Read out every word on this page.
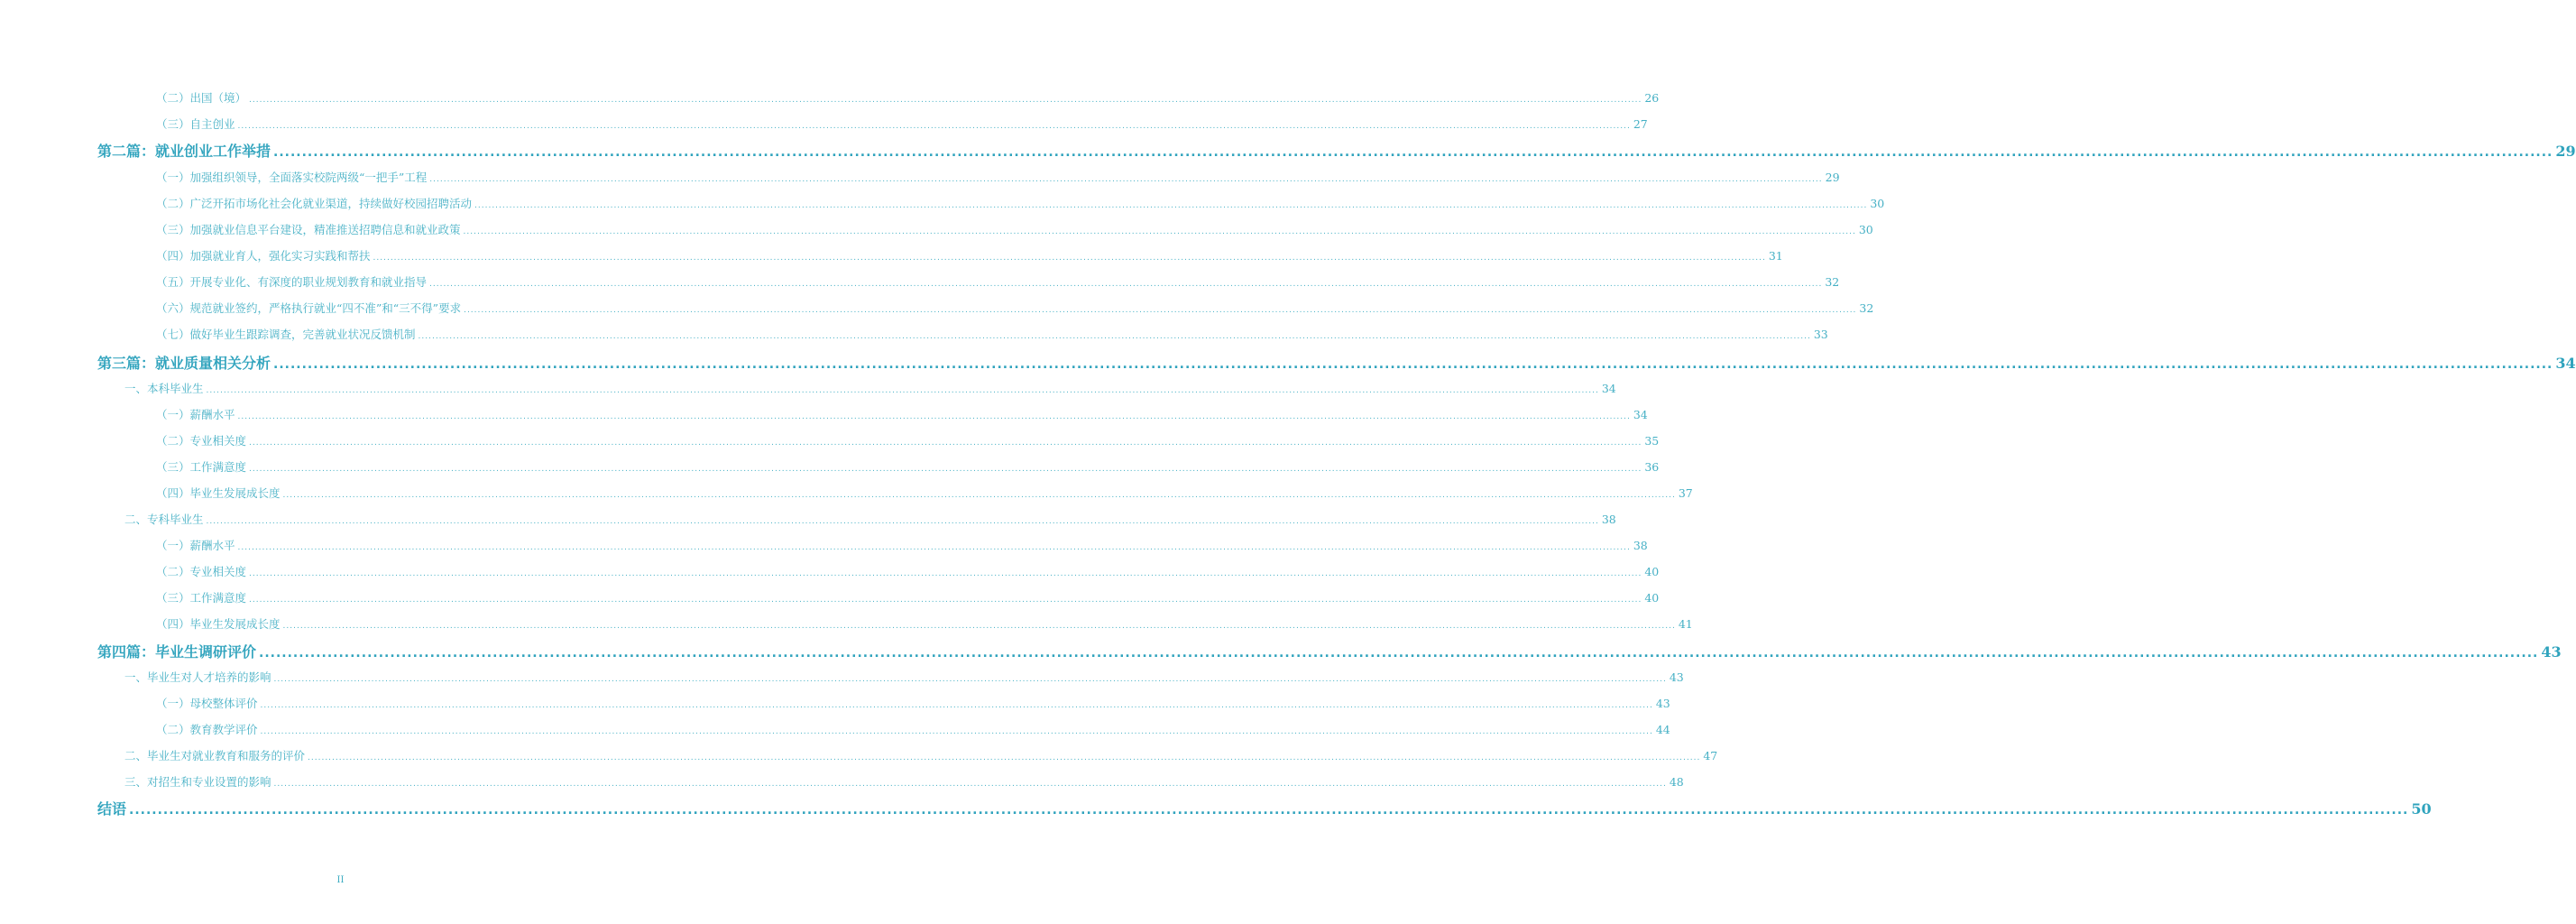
（二）出国（境） ................................................................................................................................................................................................................................................................................................................................................................................................................ 26
（三）自主创业 ................................................................................................................................................................................................................................................................................................................................................................................................................ 27
第二篇：就业创业工作举措 ................................................................................................................................................................................................................................................................................................................................................................................................................ 29
（一）加强组织领导，全面落实校院两级“一把手”工程 ................................................................................................................................................................................................................................................................................................................................................................................................................ 29
（二）广泛开拓市场化社会化就业渠道，持续做好校园招聘活动 ................................................................................................................................................................................................................................................................................................................................................................................................................ 30
（三）加强就业信息平台建设，精准推送招聘信息和就业政策 ................................................................................................................................................................................................................................................................................................................................................................................................................ 30
（四）加强就业育人，强化实习实践和帮扶 ................................................................................................................................................................................................................................................................................................................................................................................................................ 31
（五）开展专业化、有深度的职业规划教育和就业指导 ................................................................................................................................................................................................................................................................................................................................................................................................................ 32
（六）规范就业签约，严格执行就业“四不准”和“三不得”要求 ................................................................................................................................................................................................................................................................................................................................................................................................................ 32
（七）做好毕业生跟踪调查，完善就业状况反馈机制 ................................................................................................................................................................................................................................................................................................................................................................................................................ 33
第三篇：就业质量相关分析 ................................................................................................................................................................................................................................................................................................................................................................................................................ 34
一、本科毕业生 ................................................................................................................................................................................................................................................................................................................................................................................................................ 34
（一）薪酬水平 ................................................................................................................................................................................................................................................................................................................................................................................................................ 34
（二）专业相关度 ................................................................................................................................................................................................................................................................................................................................................................................................................ 35
（三）工作满意度 ................................................................................................................................................................................................................................................................................................................................................................................................................ 36
（四）毕业生发展成长度 ................................................................................................................................................................................................................................................................................................................................................................................................................ 37
二、专科毕业生 ................................................................................................................................................................................................................................................................................................................................................................................................................ 38
（一）薪酬水平 ................................................................................................................................................................................................................................................................................................................................................................................................................ 38
（二）专业相关度 ................................................................................................................................................................................................................................................................................................................................................................................................................ 40
（三）工作满意度 ................................................................................................................................................................................................................................................................................................................................................................................................................ 40
（四）毕业生发展成长度 ................................................................................................................................................................................................................................................................................................................................................................................................................ 41
第四篇：毕业生调研评价 ................................................................................................................................................................................................................................................................................................................................................................................................................ 43
一、毕业生对人才培养的影响 ................................................................................................................................................................................................................................................................................................................................................................................................................ 43
（一）母校整体评价 ................................................................................................................................................................................................................................................................................................................................................................................................................ 43
（二）教育教学评价 ................................................................................................................................................................................................................................................................................................................................................................................................................ 44
二、毕业生对就业教育和服务的评价 ................................................................................................................................................................................................................................................................................................................................................................................................................ 47
三、对招生和专业设置的影响 ................................................................................................................................................................................................................................................................................................................................................................................................................ 48
结语 ................................................................................................................................................................................................................................................................................................................................................................................................................ 50
II
